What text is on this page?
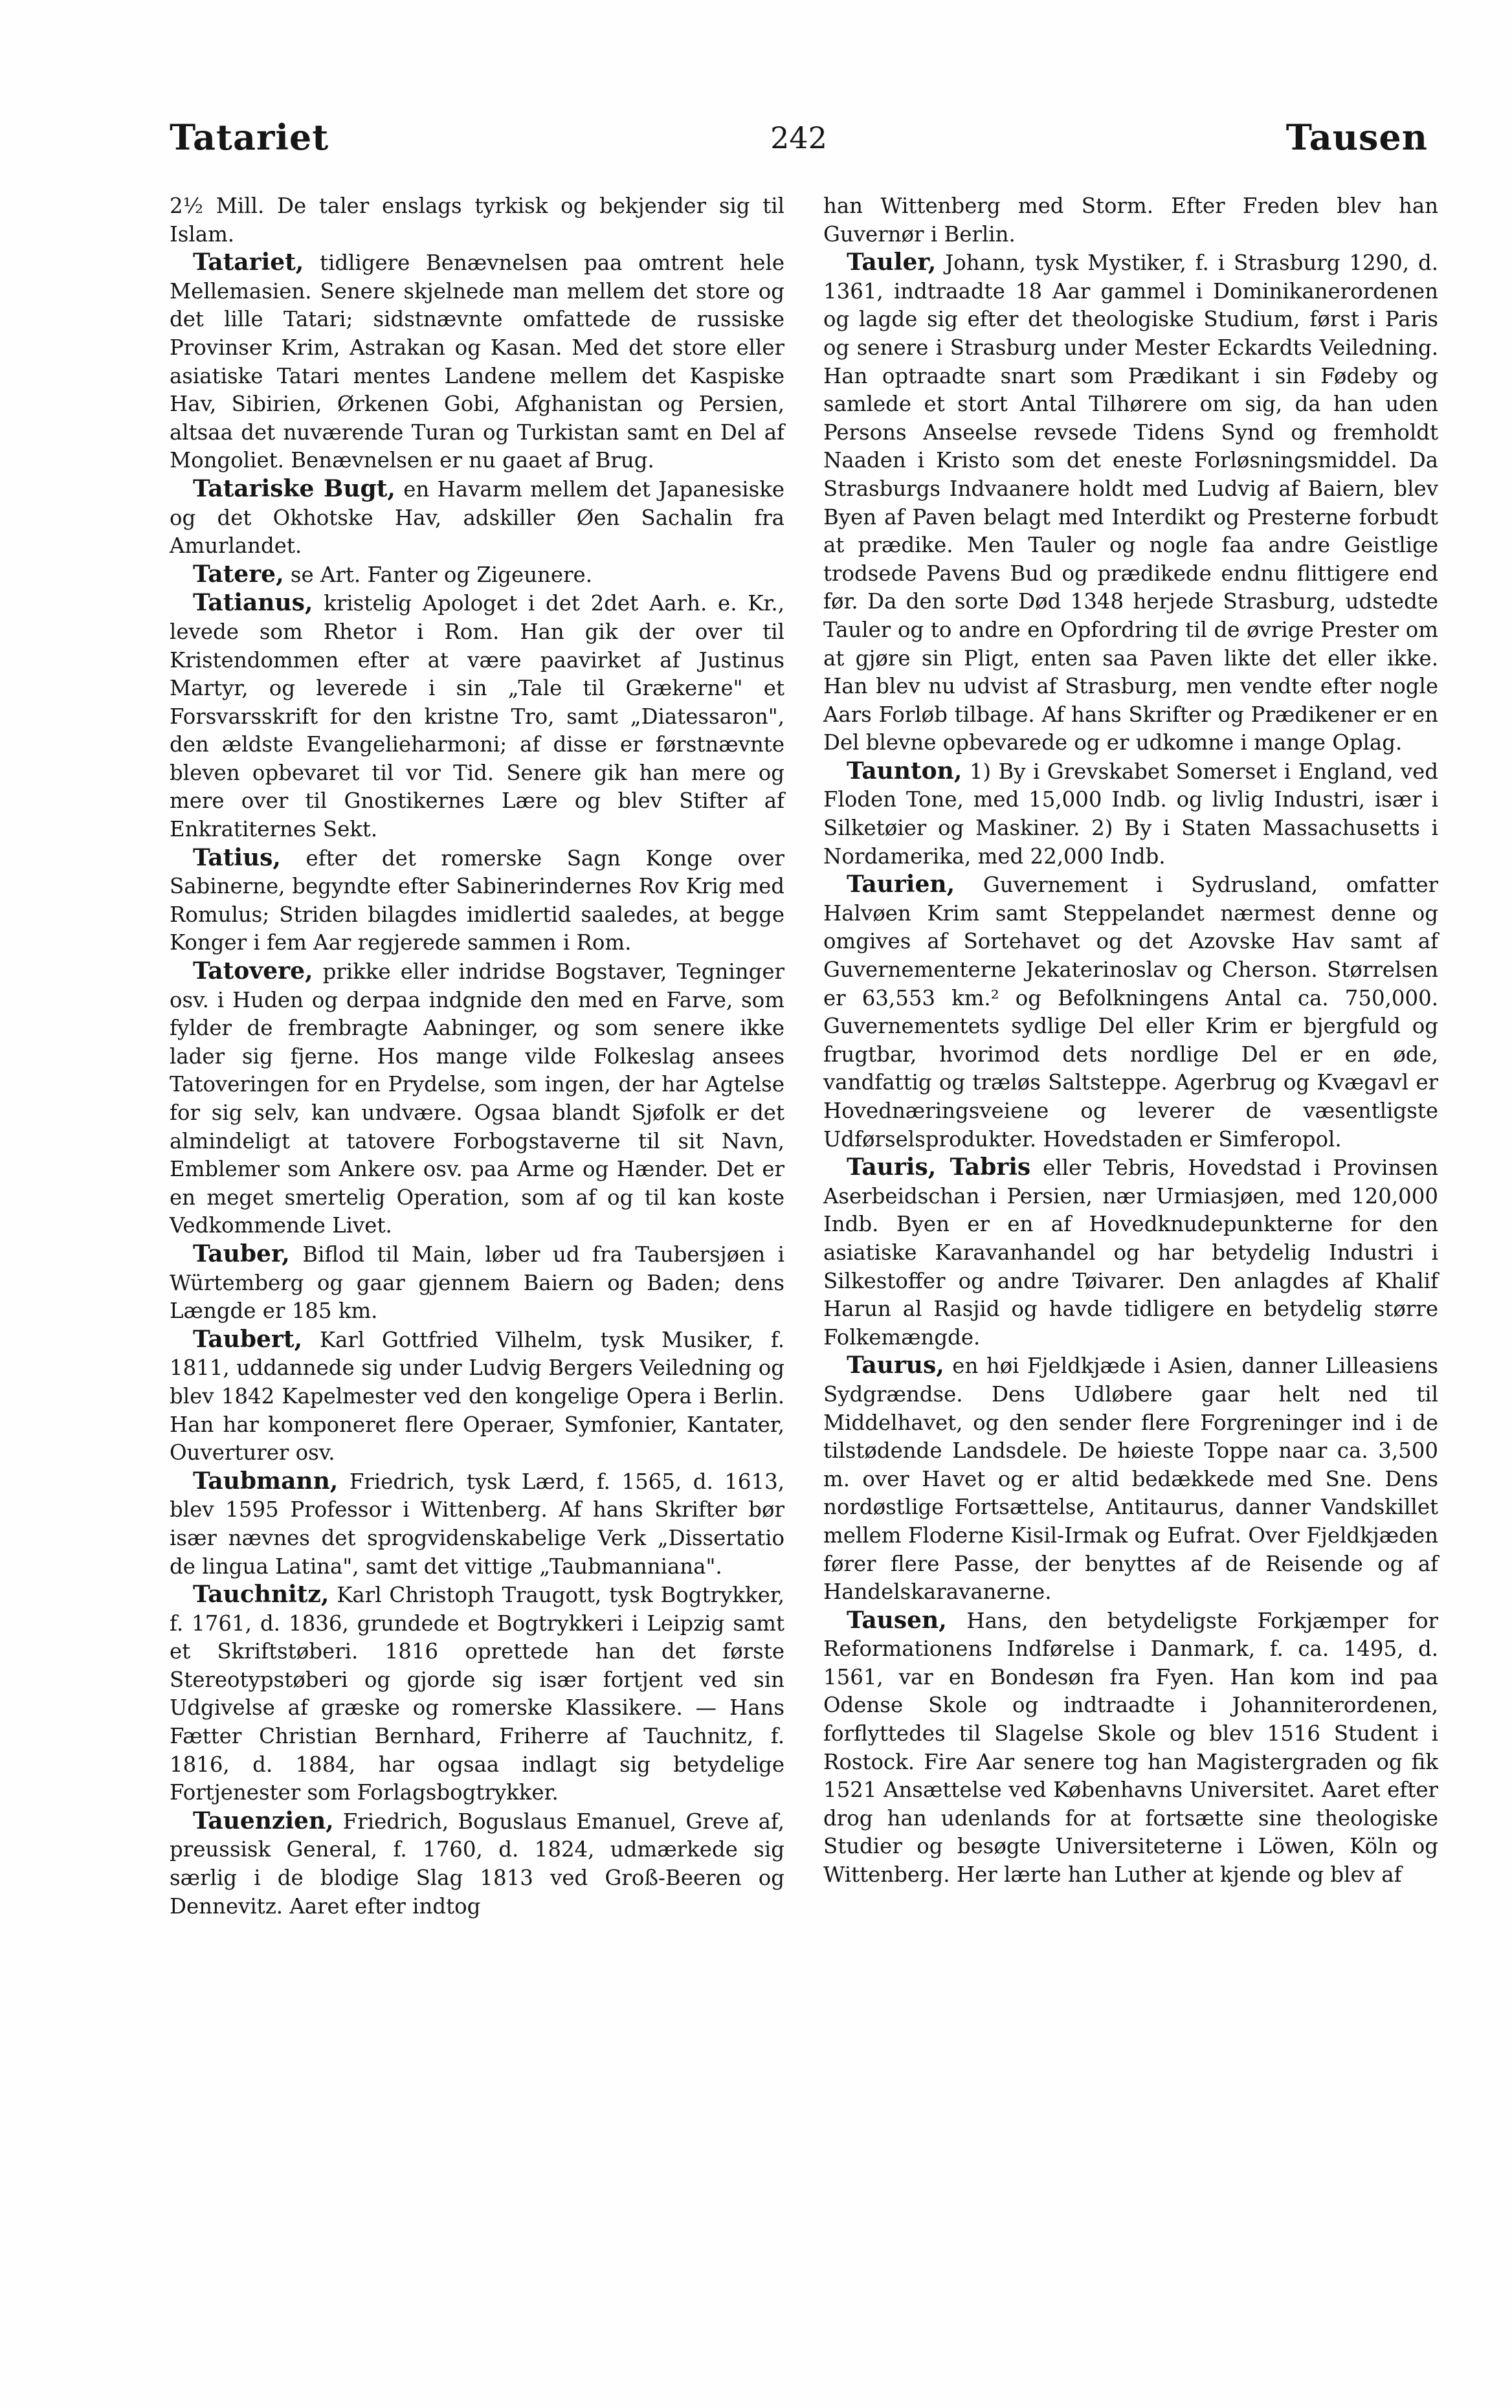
Tatariet	242	Tausen

2½ Mill. De taler enslags tyrkisk og bekjender sig til Islam.

Tatariet, tidligere Benævnelsen paa omtrent hele Mellemasien. Senere skjelnede man mellem det store og det lille Tatari; sidstnævnte omfattede de russiske Provinser Krim, Astrakan og Kasan. Med det store eller asiatiske Tatari mentes Landene mellem det Kaspiske Hav, Sibirien, Ørkenen Gobi, Afghanistan og Persien, altsaa det nuværende Turan og Turkistan samt en Del af Mongoliet. Benævnelsen er nu gaaet af Brug.

Tatariske Bugt, en Havarm mellem det Japanesiske og det Okhotske Hav, adskiller Øen Sachalin fra Amurlandet.

Tatere, se Art. Fanter og Zigeunere.

Tatianus, kristelig Apologet i det 2det Aarh. e. Kr., levede som Rhetor i Rom. Han gik der over til Kristendommen efter at være paavirket af Justinus Martyr, og leverede i sin „Tale til Grækerne" et Forsvarsskrift for den kristne Tro, samt „Diatessaron", den ældste Evangelieharmoni; af disse er førstnævnte bleven opbevaret til vor Tid. Senere gik han mere og mere over til Gnostikernes Lære og blev Stifter af Enkratiternes Sekt.

Tatius, efter det romerske Sagn Konge over Sabinerne, begyndte efter Sabinerindernes Rov Krig med Romulus; Striden bilagdes imidlertid saaledes, at begge Konger i fem Aar regjerede sammen i Rom.

Tatovere, prikke eller indridse Bogstaver, Tegninger osv. i Huden og derpaa indgnide den med en Farve, som fylder de frembragte Aabninger, og som senere ikke lader sig fjerne. Hos mange vilde Folkeslag ansees Tatoveringen for en Prydelse, som ingen, der har Agtelse for sig selv, kan undvære. Ogsaa blandt Sjøfolk er det almindeligt at tatovere Forbogstaverne til sit Navn, Emblemer som Ankere osv. paa Arme og Hænder. Det er en meget smertelig Operation, som af og til kan koste Vedkommende Livet.

Tauber, Biflod til Main, løber ud fra Taubersjøen i Würtemberg og gaar gjennem Baiern og Baden; dens Længde er 185 km.

Taubert, Karl Gottfried Vilhelm, tysk Musiker, f. 1811, uddannede sig under Ludvig Bergers Veiledning og blev 1842 Kapelmester ved den kongelige Opera i Berlin. Han har komponeret flere Operaer, Symfonier, Kantater, Ouverturer osv.

Taubmann, Friedrich, tysk Lærd, f. 1565, d. 1613, blev 1595 Professor i Wittenberg. Af hans Skrifter bør især nævnes det sprogvidenskabelige Verk „Dissertatio de lingua Latina", samt det vittige „Taubmanniana".

Tauchnitz, Karl Christoph Traugott, tysk Bogtrykker, f. 1761, d. 1836, grundede et Bogtrykkeri i Leipzig samt et Skriftstøberi. 1816 oprettede han det første Stereotypstøberi og gjorde sig især fortjent ved sin Udgivelse af græske og romerske Klassikere. — Hans Fætter Christian Bernhard, Friherre af Tauchnitz, f. 1816, d. 1884, har ogsaa indlagt sig betydelige Fortjenester som Forlagsbogtrykker.

Tauenzien, Friedrich, Boguslaus Emanuel, Greve af, preussisk General, f. 1760, d. 1824, udmærkede sig særlig i de blodige Slag 1813 ved Groß-Beeren og Dennevitz. Aaret efter indtog

han Wittenberg med Storm. Efter Freden blev han Guvernør i Berlin.

Tauler, Johann, tysk Mystiker, f. i Strasburg 1290, d. 1361, indtraadte 18 Aar gammel i Dominikanerordenen og lagde sig efter det theologiske Studium, først i Paris og senere i Strasburg under Mester Eckardts Veiledning. Han optraadte snart som Prædikant i sin Fødeby og samlede et stort Antal Tilhørere om sig, da han uden Persons Anseelse revsede Tidens Synd og fremholdt Naaden i Kristo som det eneste Forløsningsmiddel. Da Strasburgs Indvaanere holdt med Ludvig af Baiern, blev Byen af Paven belagt med Interdikt og Presterne forbudt at prædike. Men Tauler og nogle faa andre Geistlige trodsede Pavens Bud og prædikede endnu flittigere end før. Da den sorte Død 1348 herjede Strasburg, udstedte Tauler og to andre en Opfordring til de øvrige Prester om at gjøre sin Pligt, enten saa Paven likte det eller ikke. Han blev nu udvist af Strasburg, men vendte efter nogle Aars Forløb tilbage. Af hans Skrifter og Prædikener er en Del blevne opbevarede og er udkomne i mange Oplag.

Taunton, 1) By i Grevskabet Somerset i England, ved Floden Tone, med 15,000 Indb. og livlig Industri, især i Silketøier og Maskiner. 2) By i Staten Massachusetts i Nordamerika, med 22,000 Indb.

Taurien, Guvernement i Sydrusland, omfatter Halvøen Krim samt Steppelandet nærmest denne og omgives af Sortehavet og det Azovske Hav samt af Guvernementerne Jekaterinoslav og Cherson. Størrelsen er 63,553 km.² og Befolkningens Antal ca. 750,000. Guvernementets sydlige Del eller Krim er bjergfuld og frugtbar, hvorimod dets nordlige Del er en øde, vandfattig og træløs Saltsteppe. Agerbrug og Kvægavl er Hovednæringsveiene og leverer de væsentligste Udførselsprodukter. Hovedstaden er Simferopol.

Tauris, Tabris eller Tebris, Hovedstad i Provinsen Aserbeidschan i Persien, nær Urmiasjøen, med 120,000 Indb. Byen er en af Hovedknudepunkterne for den asiatiske Karavanhandel og har betydelig Industri i Silkestoffer og andre Tøivarer. Den anlagdes af Khalif Harun al Rasjid og havde tidligere en betydelig større Folkemængde.

Taurus, en høi Fjeldkjæde i Asien, danner Lilleasiens Sydgrændse. Dens Udløbere gaar helt ned til Middelhavet, og den sender flere Forgreninger ind i de tilstødende Landsdele. De høieste Toppe naar ca. 3,500 m. over Havet og er altid bedækkede med Sne. Dens nordøstlige Fortsættelse, Antitaurus, danner Vandskillet mellem Floderne Kisil-Irmak og Eufrat. Over Fjeldkjæden fører flere Passe, der benyttes af de Reisende og af Handelskaravanerne.

Tausen, Hans, den betydeligste Forkjæmper for Reformationens Indførelse i Danmark, f. ca. 1495, d. 1561, var en Bondesøn fra Fyen. Han kom ind paa Odense Skole og indtraadte i Johanniterordenen, forflyttedes til Slagelse Skole og blev 1516 Student i Rostock. Fire Aar senere tog han Magistergraden og fik 1521 Ansættelse ved Københavns Universitet. Aaret efter drog han udenlands for at fortsætte sine theologiske Studier og besøgte Universiteterne i Löwen, Köln og Wittenberg. Her lærte han Luther at kjende og blev af
